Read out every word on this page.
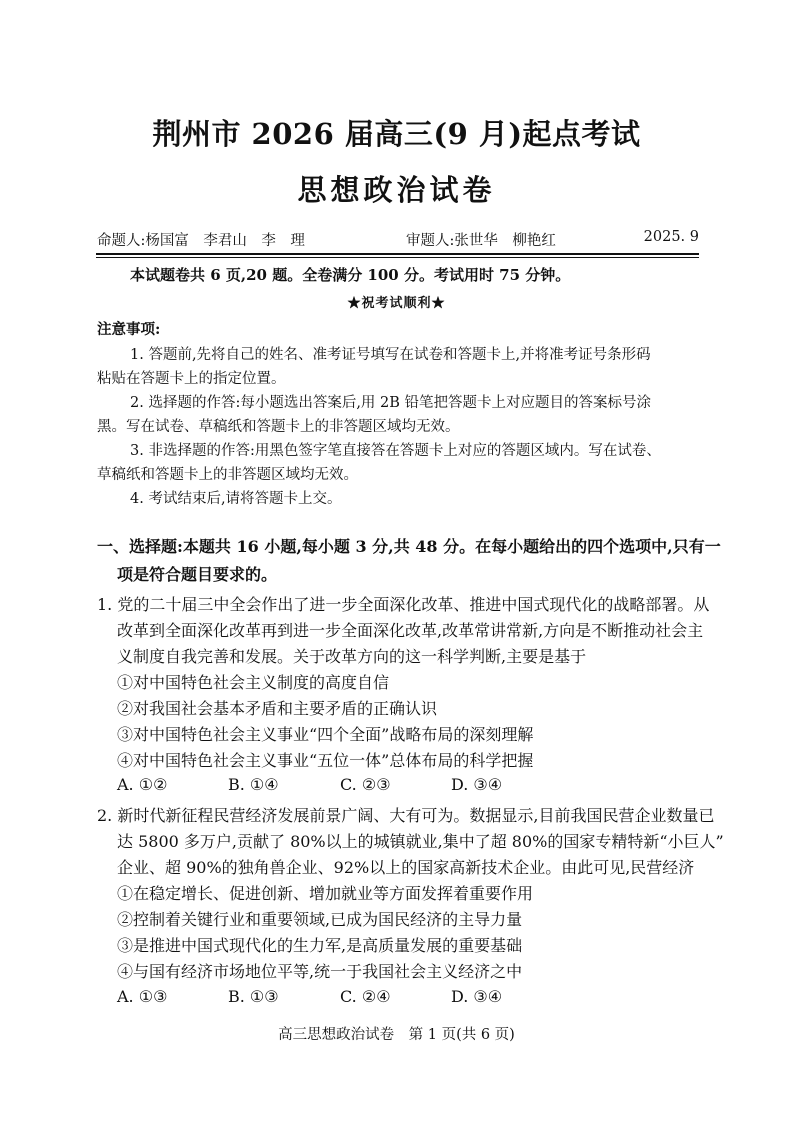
荆州市 2026 届高三(9 月)起点考试
思想政治试卷
命题人:杨国富　李君山　李　理	审题人:张世华　柳艳红	2025. 9
本试题卷共 6 页,20 题。全卷满分 100 分。考试用时 75 分钟。
★祝考试顺利★
注意事项:
1. 答题前,先将自己的姓名、准考证号填写在试卷和答题卡上,并将准考证号条形码
粘贴在答题卡上的指定位置。
2. 选择题的作答:每小题选出答案后,用 2B 铅笔把答题卡上对应题目的答案标号涂
黑。写在试卷、草稿纸和答题卡上的非答题区域均无效。
3. 非选择题的作答:用黑色签字笔直接答在答题卡上对应的答题区域内。写在试卷、
草稿纸和答题卡上的非答题区域均无效。
4. 考试结束后,请将答题卡上交。
一、选择题:本题共 16 小题,每小题 3 分,共 48 分。在每小题给出的四个选项中,只有一
项是符合题目要求的。
1. 党的二十届三中全会作出了进一步全面深化改革、推进中国式现代化的战略部署。从
改革到全面深化改革再到进一步全面深化改革,改革常讲常新,方向是不断推动社会主
义制度自我完善和发展。关于改革方向的这一科学判断,主要是基于
①对中国特色社会主义制度的高度自信
②对我国社会基本矛盾和主要矛盾的正确认识
③对中国特色社会主义事业“四个全面”战略布局的深刻理解
④对中国特色社会主义事业“五位一体”总体布局的科学把握
A. ①②	B. ①④	C. ②③	D. ③④
2. 新时代新征程民营经济发展前景广阔、大有可为。数据显示,目前我国民营企业数量已
达 5800 多万户,贡献了 80%以上的城镇就业,集中了超 80%的国家专精特新“小巨人”
企业、超 90%的独角兽企业、92%以上的国家高新技术企业。由此可见,民营经济
①在稳定增长、促进创新、增加就业等方面发挥着重要作用
②控制着关键行业和重要领域,已成为国民经济的主导力量
③是推进中国式现代化的生力军,是高质量发展的重要基础
④与国有经济市场地位平等,统一于我国社会主义经济之中
A. ①③	B. ①③	C. ②④	D. ③④
高三思想政治试卷　第 1 页(共 6 页)
